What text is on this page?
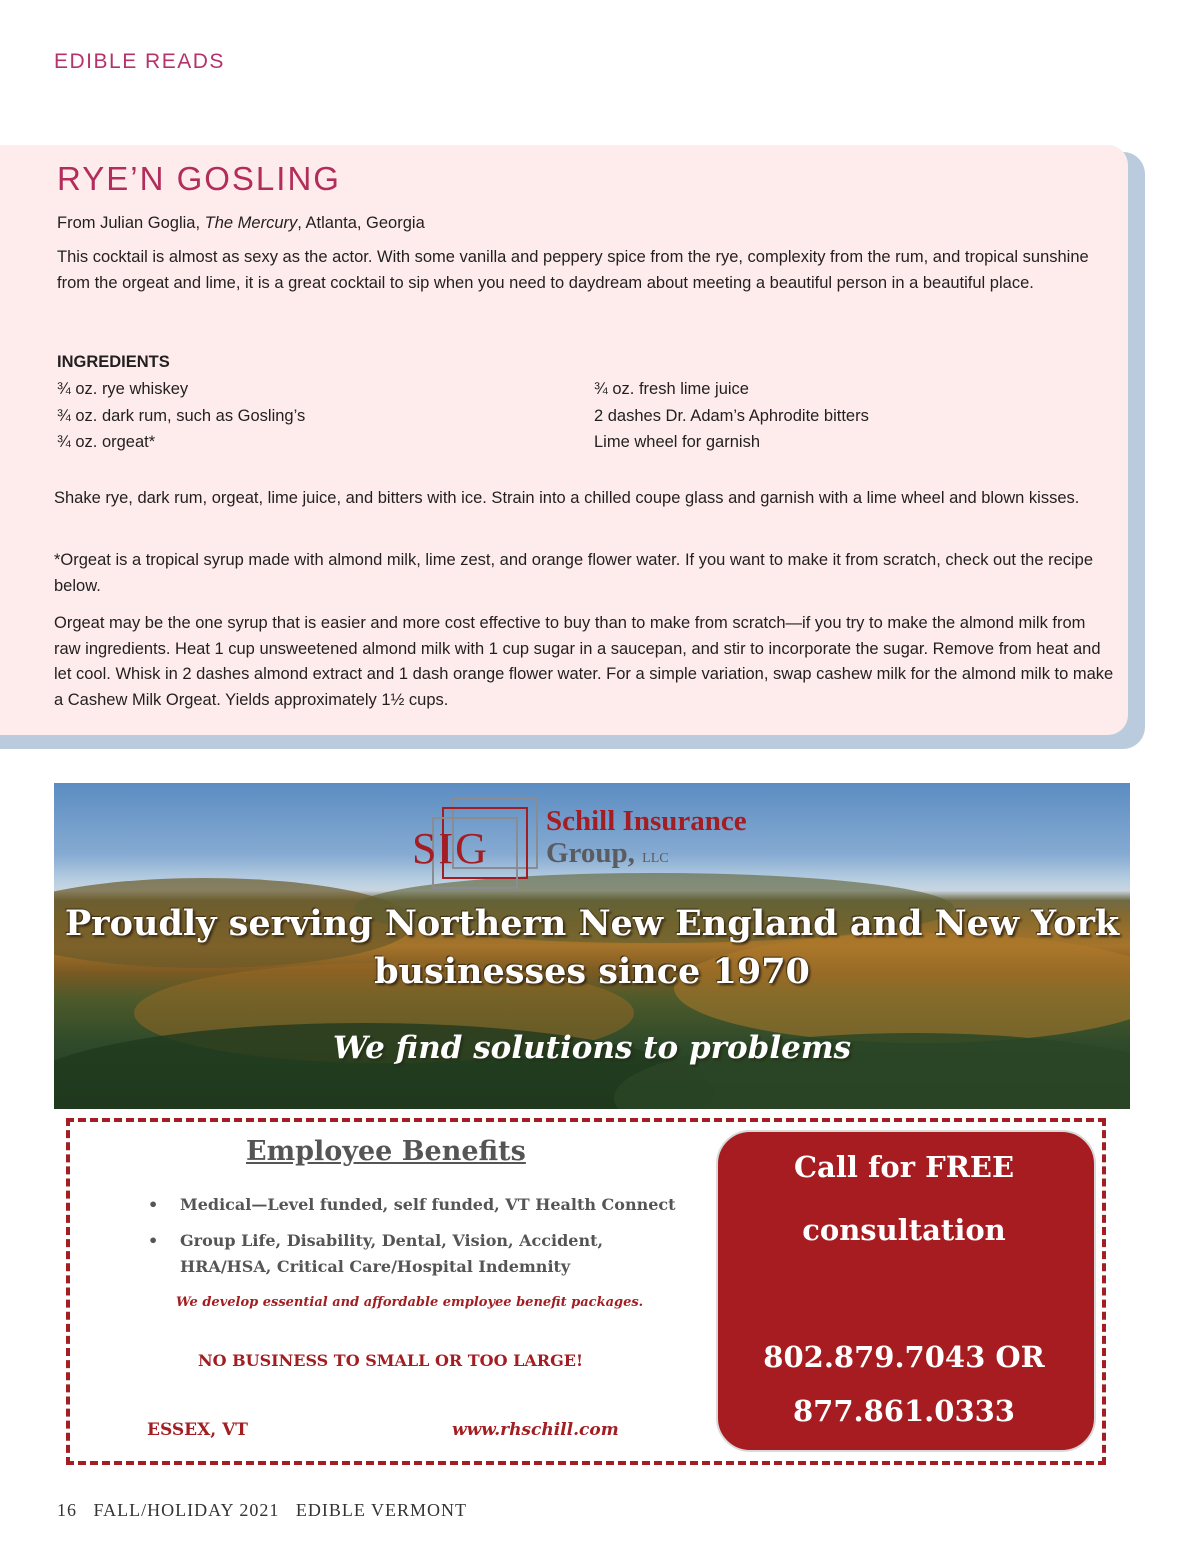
EDIBLE READS
RYE’N GOSLING
From Julian Goglia, The Mercury, Atlanta, Georgia
This cocktail is almost as sexy as the actor. With some vanilla and peppery spice from the rye, complexity from the rum, and tropical sunshine from the orgeat and lime, it is a great cocktail to sip when you need to daydream about meeting a beautiful person in a beautiful place.
INGREDIENTS
¾ oz. rye whiskey
¾ oz. dark rum, such as Gosling’s
¾ oz. orgeat*
¾ oz. fresh lime juice
2 dashes Dr. Adam’s Aphrodite bitters
Lime wheel for garnish
Shake rye, dark rum, orgeat, lime juice, and bitters with ice. Strain into a chilled coupe glass and garnish with a lime wheel and blown kisses.
*Orgeat is a tropical syrup made with almond milk, lime zest, and orange flower water. If you want to make it from scratch, check out the recipe below.
Orgeat may be the one syrup that is easier and more cost effective to buy than to make from scratch—if you try to make the almond milk from raw ingredients. Heat 1 cup unsweetened almond milk with 1 cup sugar in a saucepan, and stir to incorporate the sugar. Remove from heat and let cool. Whisk in 2 dashes almond extract and 1 dash orange flower water. For a simple variation, swap cashew milk for the almond milk to make a Cashew Milk Orgeat. Yields approximately 1½ cups.
SIG
Schill Insurance
Group, LLC
Proudly serving Northern New England and New York businesses since 1970
We find solutions to problems
Employee Benefits
• Medical—Level funded, self funded, VT Health Connect
• Group Life, Disability, Dental, Vision, Accident, HRA/HSA, Critical Care/Hospital Indemnity
We develop essential and affordable employee benefit packages.
NO BUSINESS TO SMALL OR TOO LARGE!
ESSEX, VT	www.rhschill.com
Call for FREE
consultation
802.879.7043 OR
877.861.0333
16   FALL/HOLIDAY 2021   EDIBLE VERMONT
